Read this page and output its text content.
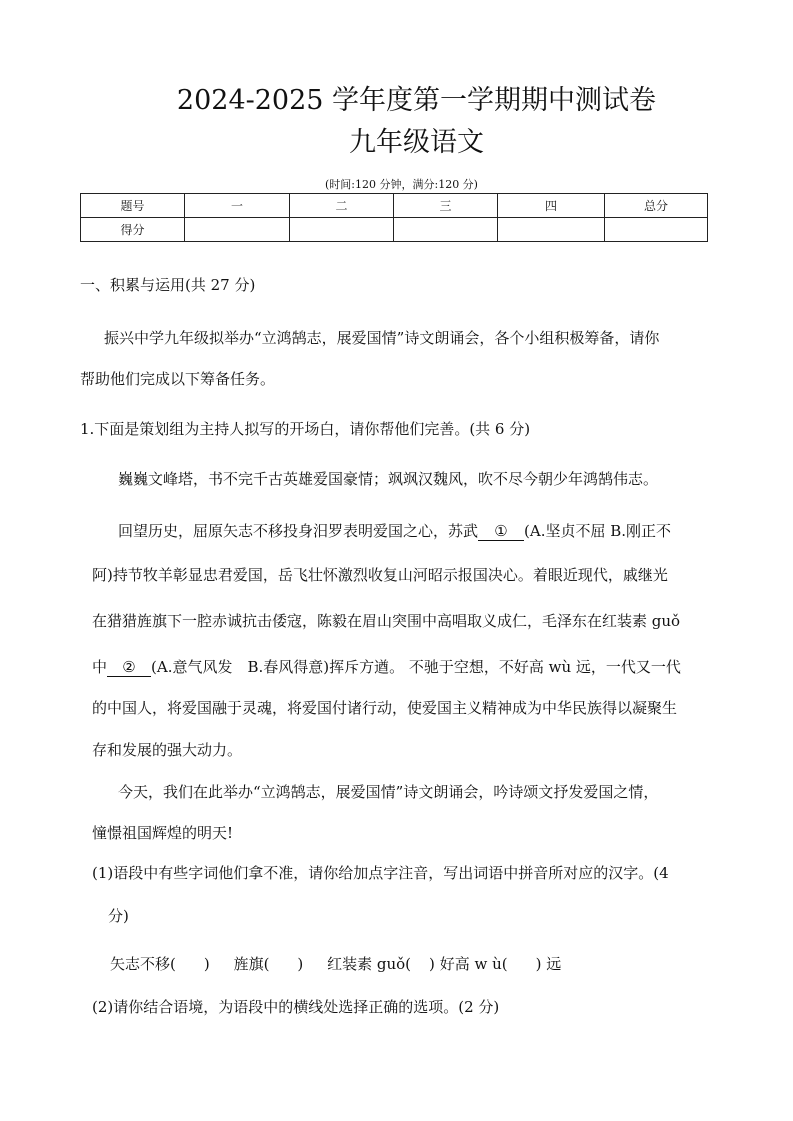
2024-2025 学年度第一学期期中测试卷
九年级语文
(时间:120 分钟，满分:120 分)
题号	一	二	三	四	总分
得分					
一、积累与运用(共 27 分)
振兴中学九年级拟举办“立鸿鹄志，展爱国情”诗文朗诵会，各个小组积极筹备，请你
帮助他们完成以下筹备任务。
1.下面是策划组为主持人拟写的开场白，请你帮他们完善。(共 6 分)
巍巍文峰塔，书不完千古英雄爱国豪情；飒飒汉魏风，吹不尽今朝少年鸿鹄伟志。
回望历史，屈原矢志不移投身汨罗表明爱国之心，苏武 ① (A.坚贞不屈 B.刚正不
阿)持节牧羊彰显忠君爱国，岳飞壮怀激烈收复山河昭示报国决心。着眼近现代，戚继光
在猎猎旌旗下一腔赤诚抗击倭寇，陈毅在眉山突围中高唱取义成仁，毛泽东在红装素 guǒ
中 ② (A.意气风发　B.春风得意)挥斥方遒。 不驰于空想，不好高 wù 远，一代又一代
的中国人，将爱国融于灵魂，将爱国付诸行动，使爱国主义精神成为中华民族得以凝聚生
存和发展的强大动力。
今天，我们在此举办“立鸿鹄志，展爱国情”诗文朗诵会，吟诗颂文抒发爱国之情，
憧憬祖国辉煌的明天!
(1)语段中有些字词他们拿不准，请你给加点字注音，写出词语中拼音所对应的汉字。(4
分)
矢志不移( ) 旌旗( ) 红装素 guǒ( ) 好高 w ù( ) 远
(2)请你结合语境，为语段中的横线处选择正确的选项。(2 分)
